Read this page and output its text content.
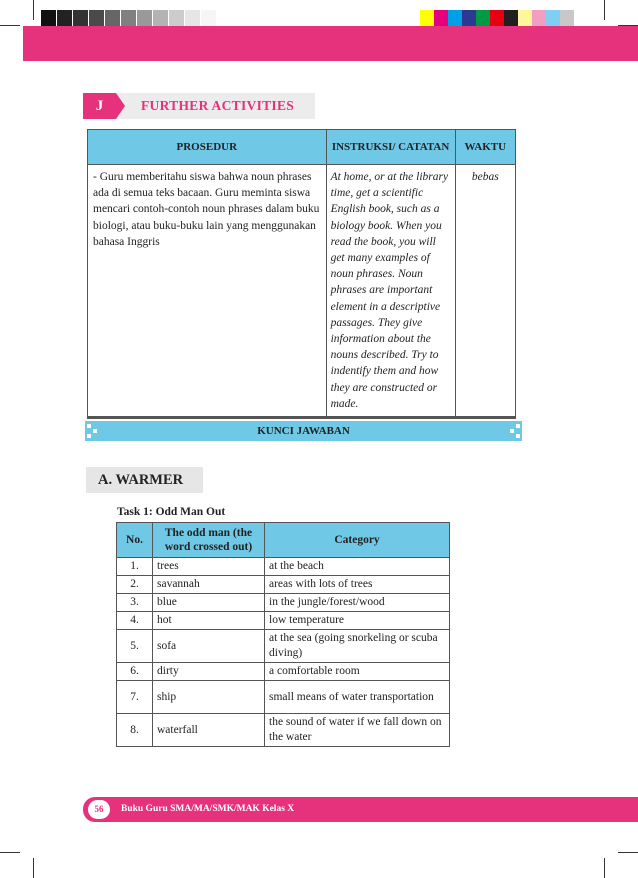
J	FURTHER ACTIVITIES
PROSEDUR	INSTRUKSI/ CATATAN	WAKTU
- Guru memberitahu siswa bahwa noun phrases ada di semua teks bacaan. Guru meminta siswa mencari contoh-contoh noun phrases dalam buku biologi, atau buku-buku lain yang menggunakan bahasa Inggris	At home, or at the library time, get a scientific English book, such as a biology book. When you read the book, you will get many examples of noun phrases. Noun phrases are important element in a descriptive passages. They give information about the nouns described. Try to indentify them and how they are constructed or made.	bebas
KUNCI JAWABAN
A. WARMER
Task 1: Odd Man Out
No.	The odd man (the word crossed out)	Category
1.	trees	at the beach
2.	savannah	areas with lots of trees
3.	blue	in the jungle/forest/wood
4.	hot	low temperature
5.	sofa	at the sea (going snorkeling or scuba diving)
6.	dirty	a comfortable room
7.	ship	small means of water transportation
8.	waterfall	the sound of water if we fall down on the water
56	Buku Guru SMA/MA/SMK/MAK Kelas X
